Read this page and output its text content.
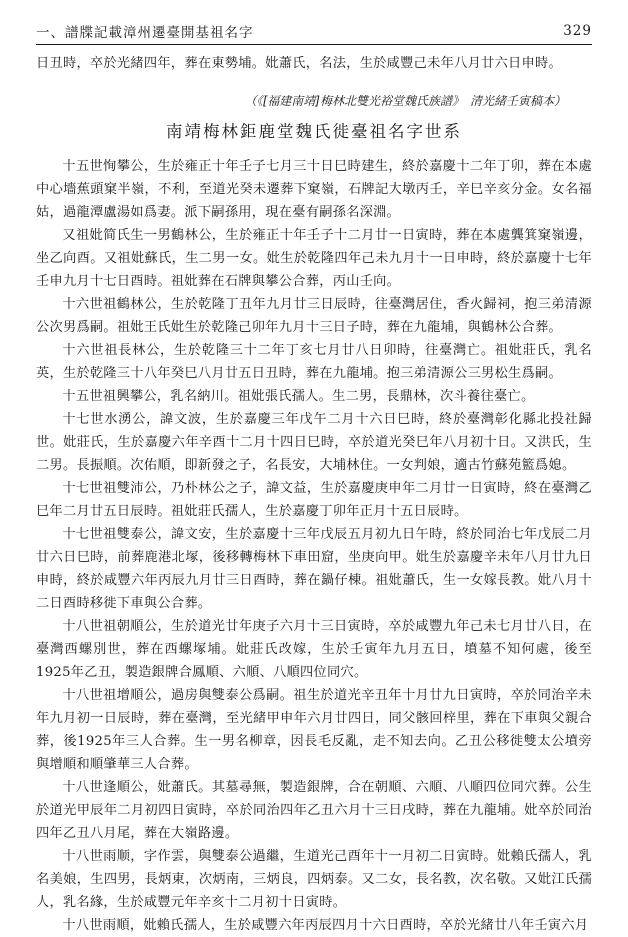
一、譜牒記載漳州遷臺開基祖名字	329

日丑時，卒於光緒四年，葬在東勢埔。妣蕭氏，名法，生於咸豐己未年八月廿六日申時。

（《[福建南靖]梅林北雙光裕堂魏氏族譜》　清光緒壬寅稿本）
南靖梅林鉅鹿堂魏氏徙臺祖名字世系

十五世恂攀公，生於雍正十年壬子七月三十日巳時建生，終於嘉慶十二年丁卯，葬在本處中心墻蕉頭窠半嶺，不利，至道光癸未遷葬下窠嶺，石牌記大墩丙壬，辛巳辛亥分金。女名福姑，過龍潭盧湯如爲妻。派下嗣孫用，現在臺有嗣孫名深淵。

又祖妣简氏生一男鶴林公，生於雍正十年壬子十二月廿一日寅時，葬在本處龔箕窠嶺邊，坐乙向酉。又祖妣蘇氏，生二男一女。妣生於乾隆四年己未九月十一日申時，終於嘉慶十七年壬申九月十七日酉時。祖妣葬在石牌與攀公合葬，丙山壬向。

十六世祖鶴林公，生於乾隆丁丑年九月廿三日辰時，往臺灣居住，香火歸祠，抱三弟清源公次男爲嗣。祖妣王氏妣生於乾隆己卯年九月十三日子時，葬在九龍埔，與鶴林公合葬。

十六世祖長林公，生於乾隆三十二年丁亥七月廿八日卯時，往臺灣亡。祖妣莊氏，乳名英，生於乾隆三十八年癸巳八月廿五日丑時，葬在九龍埔。抱三弟清源公三男松生爲嗣。

十五世祖興攀公，乳名納川。祖妣張氏孺人。生二男，長鼎林，次斗養往臺亡。

十七世水湧公，諱文波，生於嘉慶三年戊午二月十六日巳時，終於臺灣彰化縣北投社歸世。妣莊氏，生於嘉慶六年辛酉十二月十四日巳時，卒於道光癸巳年八月初十日。又洪氏，生二男。長振順。次佑順，即新發之子，名長安，大埔林住。一女判娘，適古竹蘇苑籃爲媳。

十七世祖雙沛公，乃朴林公之子，諱文益，生於嘉慶庚申年二月廿一日寅時，終在臺灣乙巳年二月廿五日辰時。祖妣莊氏孺人，生於嘉慶丁卯年正月十五日辰時。

十七世祖雙泰公，諱文安，生於嘉慶十三年戊辰五月初九日午時，終於同治七年戊辰二月廿六日巳時，前葬鹿港北塚，後移轉梅林下車田窟，坐庚向甲。妣生於嘉慶辛未年八月廿九日申時，終於咸豐六年丙辰九月廿三日酉時，葬在鍋仔棟。祖妣蕭氏，生一女嫁長教。妣八月十二日酉時移徙下車與公合葬。

十八世祖朝順公，生於道光廿年庚子六月十三日寅時，卒於咸豐九年己未七月廿八日，在臺灣西螺別世，葬在西螺塚埔。妣莊氏改嫁，生於壬寅年九月五日，墳墓不知何處，後至1925年乙丑，製造銀牌合鳳順、六順、八順四位同穴。

十八世祖增順公，過房與雙泰公爲嗣。祖生於道光辛丑年十月廿九日寅時，卒於同治辛未年九月初一日辰時，葬在臺灣，至光緒甲申年六月廿四日，同父骸回梓里，葬在下車與父親合葬，後1925年三人合葬。生一男名柳章，因長毛反亂，走不知去向。乙丑公移徙雙太公墳旁與增順和順肇華三人合葬。

十八世逢順公，妣蕭氏。其墓尋無，製造銀牌，合在朝順、六順、八順四位同穴葬。公生於道光甲辰年二月初四日寅時，卒於同治四年乙丑六月十三日戌時，葬在九龍埔。妣卒於同治四年乙丑八月尾，葬在大嶺路邊。

十八世雨顺，字作雲，與雙泰公過繼，生道光己酉年十一月初二日寅時。妣賴氏孺人，乳名美娘，生四男，長炳東，次炳南，三炳良，四炳泰。又二女，長名教，次名敬。又妣江氏孺人，乳名緣，生於咸豐元年辛亥十二月初十日寅時。

十八世雨順，妣賴氏孺人，生於咸豐六年丙辰四月十六日酉時，卒於光緒廿八年壬寅六月
